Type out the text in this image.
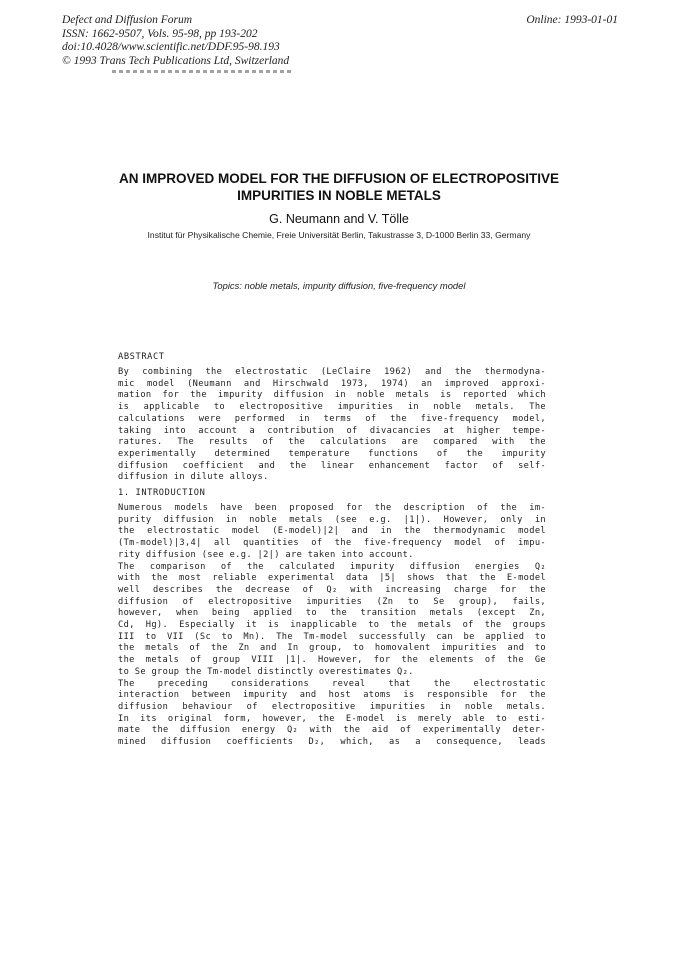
Defect and Diffusion Forum
ISSN: 1662-9507, Vols. 95-98, pp 193-202
doi:10.4028/www.scientific.net/DDF.95-98.193
© 1993 Trans Tech Publications Ltd, Switzerland
Online: 1993-01-01
AN IMPROVED MODEL FOR THE DIFFUSION OF ELECTROPOSITIVE
IMPURITIES IN NOBLE METALS
G. Neumann and V. Tölle
Institut für Physikalische Chemie, Freie Universität Berlin, Takustrasse 3, D-1000 Berlin 33, Germany
Topics: noble metals, impurity diffusion, five-frequency model
ABSTRACT
By combining the electrostatic (LeClaire 1962) and the thermodyna-
mic model (Neumann and Hirschwald 1973, 1974) an improved approxi-
mation for the impurity diffusion in noble metals is reported which
is applicable to electropositive impurities in noble metals. The
calculations were performed in terms of the five-frequency model,
taking into account a contribution of divacancies at higher tempe-
ratures. The results of the calculations are compared with the
experimentally determined temperature functions of the impurity
diffusion coefficient and the linear enhancement factor of self-
diffusion in dilute alloys.
1. INTRODUCTION
Numerous models have been proposed for the description of the im-
purity diffusion in noble metals (see e.g. |1|). However, only in
the electrostatic model (E-model)|2| and in the thermodynamic model
(Tm-model)|3,4| all quantities of the five-frequency model of impu-
rity diffusion (see e.g. |2|) are taken into account.
The comparison of the calculated impurity diffusion energies Q₂
with the most reliable experimental data |5| shows that the E-model
well describes the decrease of Q₂ with increasing charge for the
diffusion of electropositive impurities (Zn to Se group), fails,
however, when being applied to the transition metals (except Zn,
Cd, Hg). Especially it is inapplicable to the metals of the groups
III to VII (Sc to Mn). The Tm-model successfully can be applied to
the metals of the Zn and In group, to homovalent impurities and to
the metals of group VIII |1|. However, for the elements of the Ge
to Se group the Tm-model distinctly overestimates Q₂.
The preceding considerations reveal that the electrostatic
interaction between impurity and host atoms is responsible for the
diffusion behaviour of electropositive impurities in noble metals.
In its original form, however, the E-model is merely able to esti-
mate the diffusion energy Q₂ with the aid of experimentally deter-
mined diffusion coefficients D₂, which, as a consequence, leads
